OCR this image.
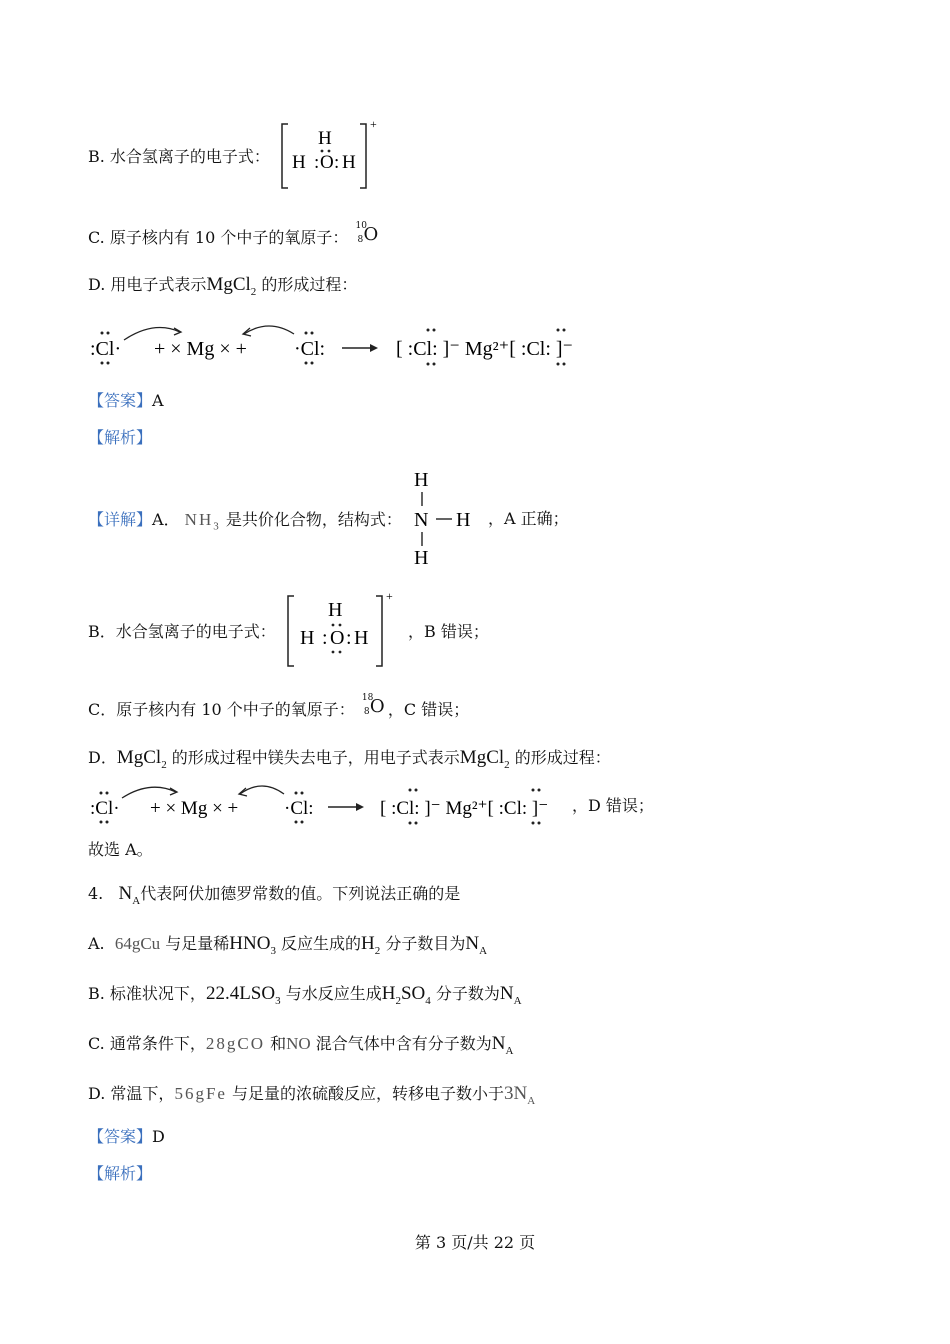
B. 水合氢离子的电子式：
+
H
H : O : H
C. 原子核内有 10 个中子的氧原子：
10
8 O
D. 用电子式表示MgCl$_2$ 的形成过程：
:Cl· + × Mg × + ·Cl:	[ :Cl: ]⁻ Mg²⁺[ :Cl: ]⁻
【答案】A
【解析】
【详解】A． $NH_3$ 是共价化合物，结构式：
H
N H
H
，A 正确；
B．水合氢离子的电子式：
+
H
H : O : H ，B 错误；
C．原子核内有 10 个中子的氧原子：
18
8 O ，C 错误；
D．MgCl$_2$ 的形成过程中镁失去电子，用电子式表示MgCl$_2$ 的形成过程：
:Cl· + × Mg × + ·Cl:	[ :Cl: ]⁻ Mg²⁺[ :Cl: ]⁻ ，D 错误；
故选 A。
4. $N_A$代表阿伏加德罗常数的值。下列说法正确的是
A. 64gCu 与足量稀$HNO_3$ 反应生成的$H_2$ 分子数目为$N_A$
B. 标准状况下，$22.4LSO_3$ 与水反应生成$H_2SO_4$ 分子数为$N_A$
C. 通常条件下，28gCO 和NO 混合气体中含有分子数为$N_A$
D. 常温下，56gFe 与足量的浓硫酸反应，转移电子数小于$3N_A$
【答案】D
【解析】
第 3 页/共 22 页
